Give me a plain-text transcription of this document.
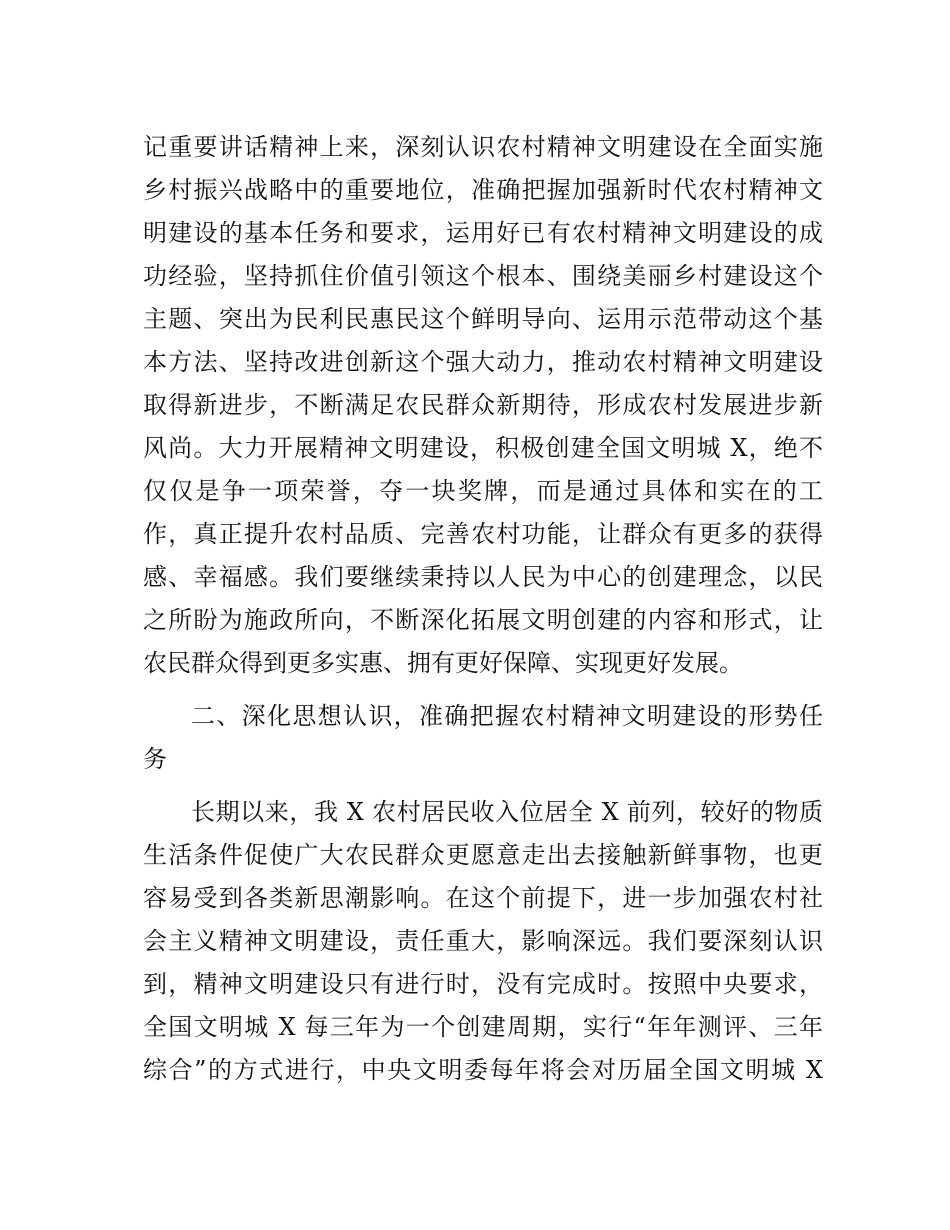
记重要讲话精神上来，深刻认识农村精神文明建设在全面实施
乡村振兴战略中的重要地位，准确把握加强新时代农村精神文
明建设的基本任务和要求，运用好已有农村精神文明建设的成
功经验，坚持抓住价值引领这个根本、围绕美丽乡村建设这个
主题、突出为民利民惠民这个鲜明导向、运用示范带动这个基
本方法、坚持改进创新这个强大动力，推动农村精神文明建设
取得新进步，不断满足农民群众新期待，形成农村发展进步新
风尚。大力开展精神文明建设，积极创建全国文明城 X，绝不
仅仅是争一项荣誉，夺一块奖牌，而是通过具体和实在的工
作，真正提升农村品质、完善农村功能，让群众有更多的获得
感、幸福感。我们要继续秉持以人民为中心的创建理念，以民
之所盼为施政所向，不断深化拓展文明创建的内容和形式，让
农民群众得到更多实惠、拥有更好保障、实现更好发展。
二、深化思想认识，准确把握农村精神文明建设的形势任
务
长期以来，我 X 农村居民收入位居全 X 前列，较好的物质
生活条件促使广大农民群众更愿意走出去接触新鲜事物，也更
容易受到各类新思潮影响。在这个前提下，进一步加强农村社
会主义精神文明建设，责任重大，影响深远。我们要深刻认识
到，精神文明建设只有进行时，没有完成时。按照中央要求，
全国文明城 X 每三年为一个创建周期，实行“年年测评、三年
综合”的方式进行，中央文明委每年将会对历届全国文明城 X
